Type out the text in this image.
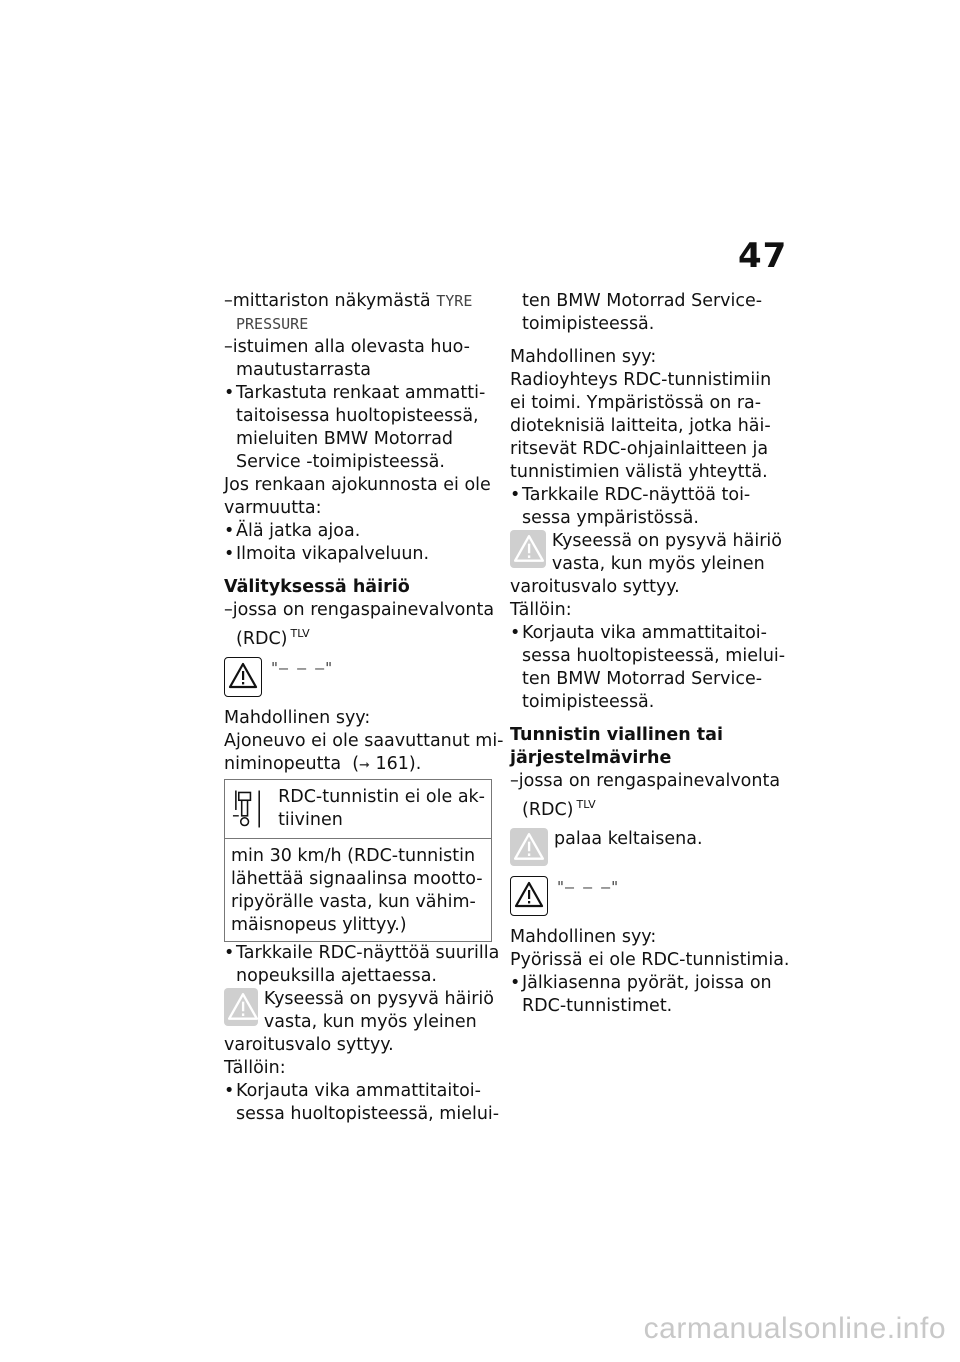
47
–mittariston näkymästä TYRE
PRESSURE
–istuimen alla olevasta huo-
mautustarrasta
•Tarkastuta renkaat ammatti-
taitoisessa huoltopisteessä,
mieluiten BMW Motorrad
Service -toimipisteessä.
Jos renkaan ajokunnosta ei ole
varmuutta:
•Älä jatka ajoa.
•Ilmoita vikapalveluun.
Välityksessä häiriö
–jossa on rengaspainevalvonta
(RDC) $^{TLV}$
"– – –"
Mahdollinen syy:
Ajoneuvo ei ole saavuttanut mi-
niminopeutta  (➞ 161).
RDC-tunnistin ei ole ak-
tiivinen
min 30 km/h (RDC-tunnistin
lähettää signaalinsa mootto-
ripyörälle vasta, kun vähim-
mäisnopeus ylittyy.)
•Tarkkaile RDC-näyttöä suurilla
nopeuksilla ajettaessa.
Kyseessä on pysyvä häiriö
vasta, kun myös yleinen
varoitusvalo syttyy.
Tällöin:
•Korjauta vika ammattitaitoi-
sessa huoltopisteessä, mielui-
ten BMW Motorrad Service-
toimipisteessä.
Mahdollinen syy:
Radioyhteys RDC-tunnistimiin
ei toimi. Ympäristössä on ra-
dioteknisiä laitteita, jotka häi-
ritsevät RDC-ohjainlaitteen ja
tunnistimien välistä yhteyttä.
•Tarkkaile RDC-näyttöä toi-
sessa ympäristössä.
Kyseessä on pysyvä häiriö
vasta, kun myös yleinen
varoitusvalo syttyy.
Tällöin:
•Korjauta vika ammattitaitoi-
sessa huoltopisteessä, mielui-
ten BMW Motorrad Service-
toimipisteessä.
Tunnistin viallinen tai
järjestelmävirhe
–jossa on rengaspainevalvonta
(RDC) $^{TLV}$
palaa keltaisena.
"– – –"
Mahdollinen syy:
Pyörissä ei ole RDC-tunnistimia.
•Jälkiasenna pyörät, joissa on
RDC-tunnistimet.
carmanualsonline.info
